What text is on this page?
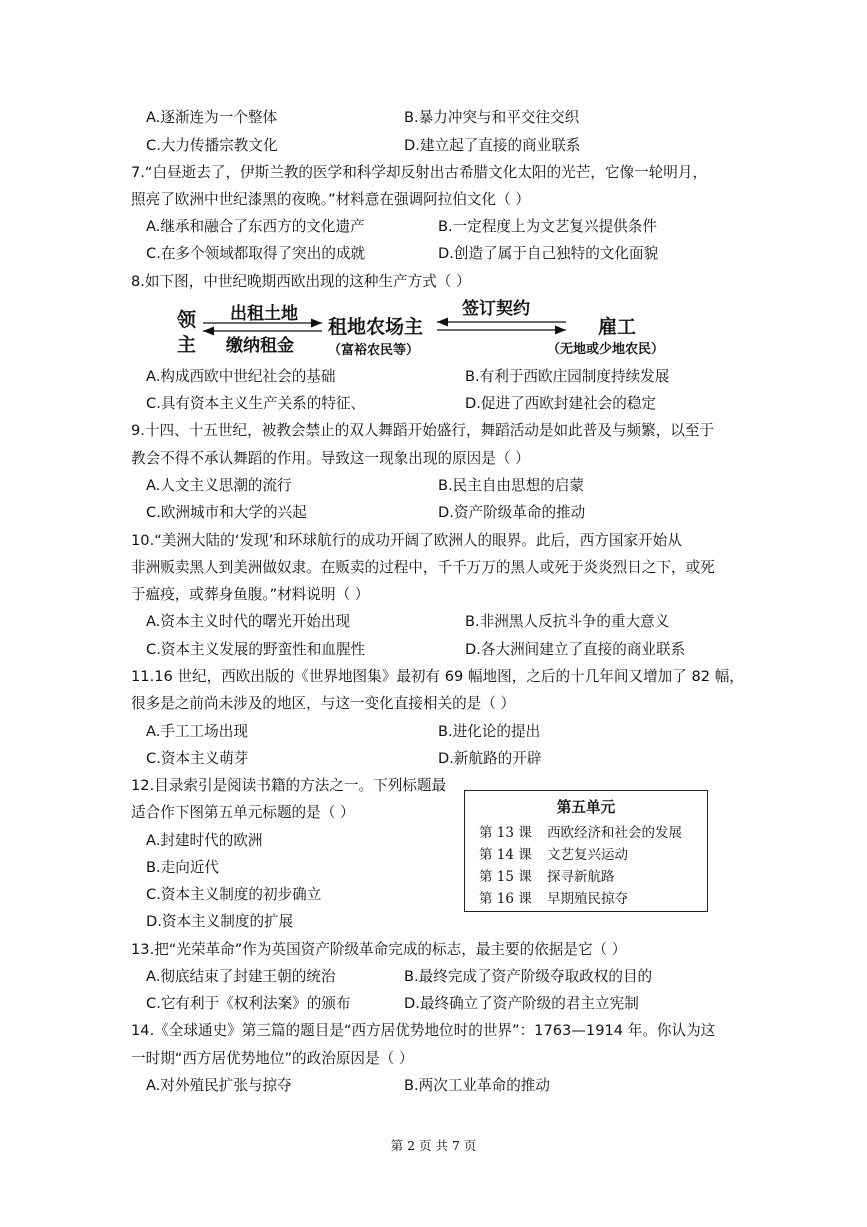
A.逐渐连为一个整体	B.暴力冲突与和平交往交织
C.大力传播宗教文化	D.建立起了直接的商业联系
7.“白昼逝去了，伊斯兰教的医学和科学却反射出古希腊文化太阳的光芒，它像一轮明月，
照亮了欧洲中世纪漆黑的夜晚。”材料意在强调阿拉伯文化（ ）
A.继承和融合了东西方的文化遗产	B.一定程度上为文艺复兴提供条件
C.在多个领域都取得了突出的成就	D.创造了属于自己独特的文化面貌
8.如下图，中世纪晚期西欧出现的这种生产方式（ ）
领
主
出租土地
缴纳租金
租地农场主
（富裕农民等）
签订契约
雇工
（无地或少地农民）
A.构成西欧中世纪社会的基础	B.有利于西欧庄园制度持续发展
C.具有资本主义生产关系的特征、	D.促进了西欧封建社会的稳定
9.十四、十五世纪，被教会禁止的双人舞蹈开始盛行，舞蹈活动是如此普及与频繁，以至于
教会不得不承认舞蹈的作用。导致这一现象出现的原因是（ ）
A.人文主义思潮的流行	B.民主自由思想的启蒙
C.欧洲城市和大学的兴起	D.资产阶级革命的推动
10.“美洲大陆的‘发现’和环球航行的成功开阔了欧洲人的眼界。此后，西方国家开始从
非洲贩卖黑人到美洲做奴隶。在贩卖的过程中，千千万万的黑人或死于炎炎烈日之下，或死
于瘟疫，或葬身鱼腹。”材料说明（ ）
A.资本主义时代的曙光开始出现	B.非洲黑人反抗斗争的重大意义
C.资本主义发展的野蛮性和血腥性	D.各大洲间建立了直接的商业联系
11.16 世纪，西欧出版的《世界地图集》最初有 69 幅地图，之后的十几年间又增加了 82 幅，
很多是之前尚未涉及的地区，与这一变化直接相关的是（ ）
A.手工工场出现	B.进化论的提出
C.资本主义萌芽	D.新航路的开辟
12.目录索引是阅读书籍的方法之一。下列标题最
适合作下图第五单元标题的是（ ）
A.封建时代的欧洲
B.走向近代
C.资本主义制度的初步确立
D.资本主义制度的扩展
第五单元
第 13 课 西欧经济和社会的发展
第 14 课 文艺复兴运动
第 15 课 探寻新航路
第 16 课 早期殖民掠夺
13.把“光荣革命”作为英国资产阶级革命完成的标志，最主要的依据是它（ ）
A.彻底结束了封建王朝的统治	B.最终完成了资产阶级夺取政权的目的
C.它有利于《权利法案》的颁布	D.最终确立了资产阶级的君主立宪制
14.《全球通史》第三篇的题目是“西方居优势地位时的世界”：1763—1914 年。你认为这
一时期“西方居优势地位”的政治原因是（ ）
A.对外殖民扩张与掠夺	B.两次工业革命的推动
第 2 页 共 7 页
